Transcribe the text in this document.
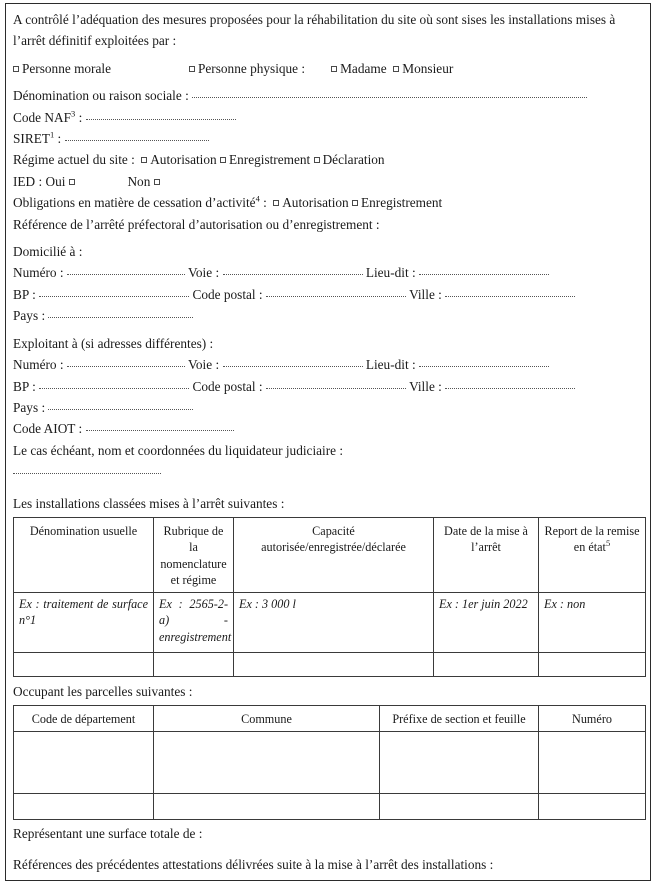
A contrôlé l’adéquation des mesures proposées pour la réhabilitation du site où sont sises les installations mises à l’arrêt définitif exploitées par :
Personne morale	Personne physique :	Madame Monsieur
Dénomination ou raison sociale :
Code NAF$^3$ :
SIRET$^1$ :
Régime actuel du site : Autorisation Enregistrement Déclaration
IED : Oui	Non
Obligations en matière de cessation d’activité$^4$ : Autorisation Enregistrement
Référence de l’arrêté préfectoral d’autorisation ou d’enregistrement :
Domicilié à :
Numéro :	Voie :	Lieu-dit :
BP :	Code postal :	Ville :
Pays :
Exploitant à (si adresses différentes) :
Numéro :	Voie :	Lieu-dit :
BP :	Code postal :	Ville :
Pays :
Code AIOT :
Le cas échéant, nom et coordonnées du liquidateur judiciaire :
Les installations classées mises à l’arrêt suivantes :
Dénomination usuelle	Rubrique de la nomenclature et régime	Capacité autorisée/enregistrée/déclarée	Date de la mise à l’arrêt	Report de la remise en état$^5$
Ex : traitement de surface n°1	Ex : 2565-2-a) - enregistrement	Ex : 3 000 l	Ex : 1er juin 2022	Ex : non

Occupant les parcelles suivantes :
Code de département	Commune	Préfixe de section et feuille	Numéro

Représentant une surface totale de :
Références des précédentes attestations délivrées suite à la mise à l’arrêt des installations :
